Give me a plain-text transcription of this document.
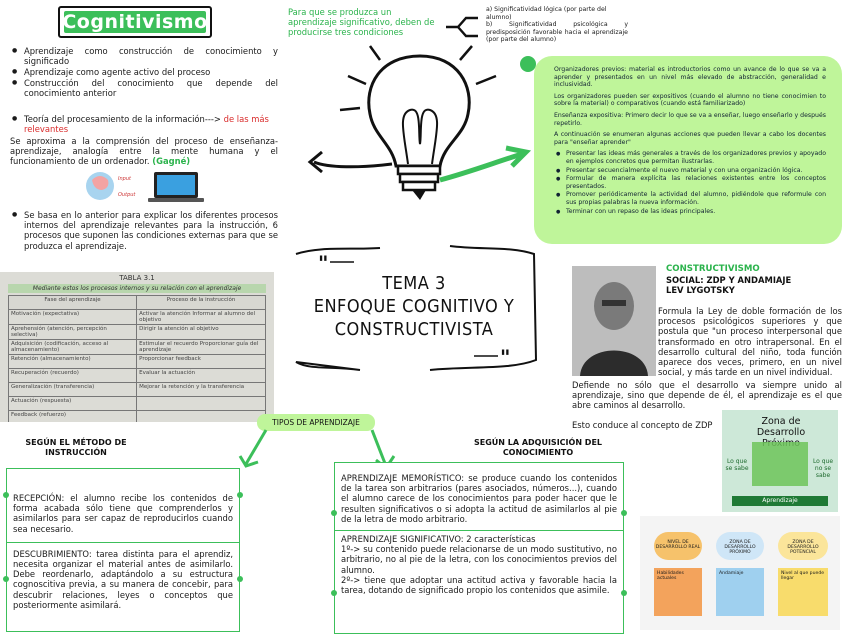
Cognitivismo
● Aprendizaje como construcción de conocimiento y significado
● Aprendizaje como agente activo del proceso
● Construcción del conocimiento que depende del conocimiento anterior
● Teoría del procesamiento de la información---> de las más relevantes
Se aproxima a la comprensión del proceso de enseñanza-aprendizaje, analogía entre la mente humana y el funcionamiento de un ordenador. (Gagné)
Input
Output
● Se basa en lo anterior para explicar los diferentes procesos internos del aprendizaje relevantes para la instrucción, 6 procesos que suponen las condiciones externas para que se produzca el aprendizaje.
Para que se produzca un aprendizaje significativo, deben de producirse tres condiciones
a) Significatividad lógica (por parte del alumno)
b) Significatividad psicológica y predisposición favorable hacia el aprendizaje (por parte del alumno)

Organizadores previos: material es introductorios como un avance de lo que se va a aprender y presentados en un nivel más elevado de abstracción, generalidad e inclusividad.

Los organizadores pueden ser expositivos (cuando el alumno no tiene conocimien to sobre la material) o comparativos (cuando está familiarizado)

Enseñanza expositiva: Primero decir lo que se va a enseñar, luego enseñarlo y después repetirlo.

A continuación se enumeran algunas acciones que pueden llevar a cabo los docentes para "enseñar aprender"

● Presentar las ideas más generales a través de los organizadores previos y apoyado en ejemplos concretos que permitan ilustrarlas.
● Presentar secuencialmente el nuevo material y con una organización lógica.
● Formular de manera explícita las relaciones existentes entre los conceptos presentados.
● Promover periódicamente la actividad del alumno, pidiéndole que reformule con sus propias palabras la nueva información.
● Terminar con un repaso de las ideas principales.
"
"
TEMA 3
ENFOQUE COGNITIVO Y
CONSTRUCTIVISTA
TABLA 3.1
Mediante estos los procesos internos y su relación con el aprendizaje
Fase del aprendizaje	Proceso de la instrucción
Motivación (expectativa)	Activar la atención Informar al alumno del objetivo
Aprehensión (atención, percepción selectiva)	Dirigir la atención al objetivo
Adquisición (codificación, acceso al almacenamiento)	Estimular el recuerdo Proporcionar guía del aprendizaje
Retención (almacenamiento)	Proporcionar feedback
Recuperación (recuerdo)	Evaluar la actuación
Generalización (transferencia)	Mejorar la retención y la transferencia
Actuación (respuesta)	
Feedback (refuerzo)	
CONSTRUCTIVISMO
SOCIAL: ZDP Y ANDAMIAJE
LEV LYGOTSKY
Formula la Ley de doble formación de los procesos psicológicos superiores y que postula que "un proceso interpersonal que transformado en otro intrapersonal. En el desarrollo cultural del niño, toda función aparece dos veces, primero, en un nivel social, y más tarde en un nivel individual.
Defiende no sólo que el desarrollo va siempre unido al aprendizaje, sino que depende de él, el aprendizaje es el que abre caminos al desarrollo.
Esto conduce al concepto de ZDP	Zona de Desarrollo
Lo que se sabe
Lo que no se sabe
Aprendizaje
NIVEL DE DESARROLLO REAL
ZONA DE DESARROLLO PRÓXIMO
ZONA DE DESARROLLO POTENCIAL
Habilidades actuales
Andamiaje	Nivel al que puede llegar
TIPOS DE APRENDIZAJE
SEGÚN EL MÉTODO DE INSTRUCCIÓN
SEGÚN LA ADQUISICIÓN DEL CONOCIMIENTO
RECEPCIÓN: el alumno recibe los contenidos de forma acabada sólo tiene que comprenderlos y asimilarlos para ser capaz de reproducirlos cuando sea necesario.
DESCUBRIMIENTO: tarea distinta para el aprendiz, necesita organizar el material antes de asimilarlo. Debe reordenarlo, adaptándolo a su estructura cognoscitiva previa, a su manera de concebir, para descubrir relaciones, leyes o conceptos que posteriormente asimilará.
APRENDIZAJE MEMORÍSTICO: se produce cuando los contenidos de la tarea son arbitrarios (pares asociados, números...), cuando el alumno carece de los conocimientos para poder hacer que le resulten significativos o si adopta la actitud de asimilarlos al pie de la letra de modo arbitrario.
APRENDIZAJE SIGNIFICATIVO: 2 características
1º-> su contenido puede relacionarse de un modo sustitutivo, no arbitrario, no al pie de la letra, con los conocimientos previos del alumno.
2º-> tiene que adoptar una actitud activa y favorable hacia la tarea, dotando de significado propio los contenidos que asimile.
